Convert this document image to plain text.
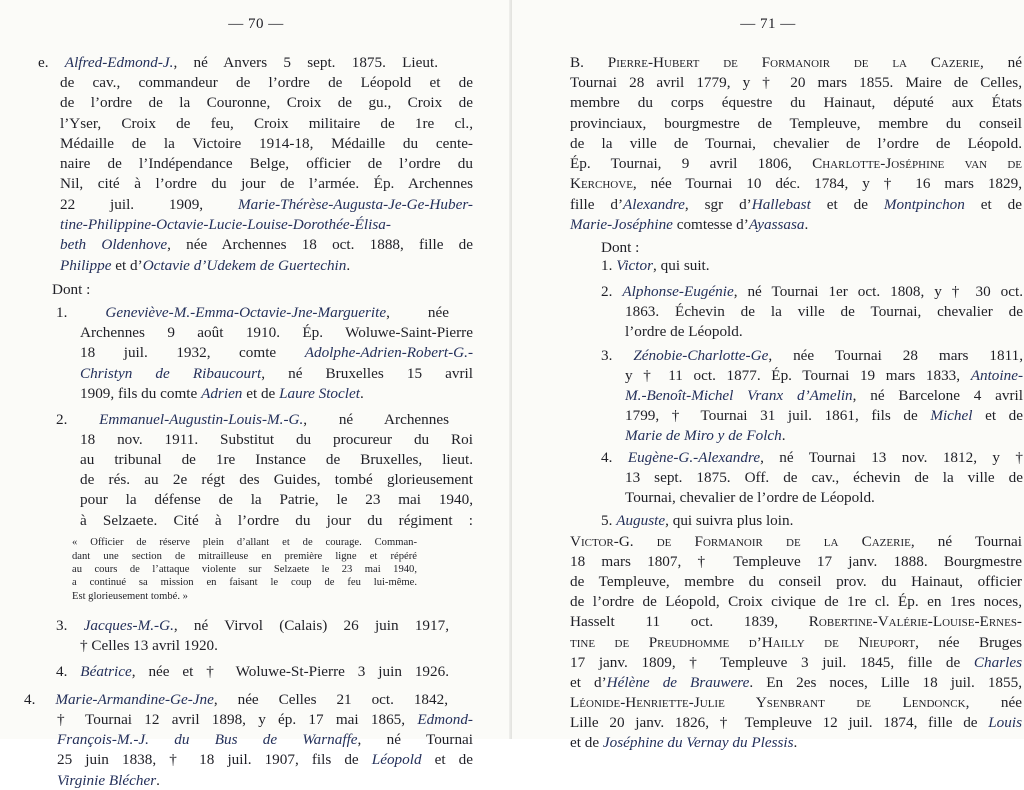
— 70 —
e. Alfred-Edmond-J., né Anvers 5 sept. 1875. Lieut.
de cav., commandeur de l’ordre de Léopold et de
de l’ordre de la Couronne, Croix de gu., Croix de
l’Yser, Croix de feu, Croix militaire de 1re cl.,
Médaille de la Victoire 1914-18, Médaille du cente-
naire de l’Indépendance Belge, officier de l’ordre du
Nil, cité à l’ordre du jour de l’armée. Ép. Archennes
22 juil. 1909, Marie-Thérèse-Augusta-Je-Ge-Huber-
tine-Philippine-Octavie-Lucie-Louise-Dorothée-Élisa-
beth Oldenhove, née Archennes 18 oct. 1888, fille de
Philippe et d’Octavie d’Udekem de Guertechin.
Dont :
1. Geneviève-M.-Emma-Octavie-Jne-Marguerite, née
Archennes 9 août 1910. Ép. Woluwe-Saint-Pierre
18 juil. 1932, comte Adolphe-Adrien-Robert-G.-
Christyn de Ribaucourt, né Bruxelles 15 avril
1909, fils du comte Adrien et de Laure Stoclet.
2. Emmanuel-Augustin-Louis-M.-G., né Archennes
18 nov. 1911. Substitut du procureur du Roi
au tribunal de 1re Instance de Bruxelles, lieut.
de rés. au 2e régt des Guides, tombé glorieusement
pour la défense de la Patrie, le 23 mai 1940,
à Selzaete. Cité à l’ordre du jour du régiment :
« Officier de réserve plein d’allant et de courage. Comman-
dant une section de mitrailleuse en première ligne et répéré
au cours de l’attaque violente sur Selzaete le 23 mai 1940,
a continué sa mission en faisant le coup de feu lui-même.
Est glorieusement tombé. »
3. Jacques-M.-G., né Virvol (Calais) 26 juin 1917,
† Celles 13 avril 1920.
4. Béatrice, née et † Woluwe-St-Pierre 3 juin 1926.
4. Marie-Armandine-Ge-Jne, née Celles 21 oct. 1842,
† Tournai 12 avril 1898, y ép. 17 mai 1865, Edmond-
François-M.-J. du Bus de Warnaffe, né Tournai
25 juin 1838, † 18 juil. 1907, fils de Léopold et de
Virginie Blécher.
— 71 —
B. Pierre-Hubert de Formanoir de la Cazerie, né
Tournai 28 avril 1779, y † 20 mars 1855. Maire de Celles,
membre du corps équestre du Hainaut, député aux États
provinciaux, bourgmestre de Templeuve, membre du conseil
de la ville de Tournai, chevalier de l’ordre de Léopold.
Ép. Tournai, 9 avril 1806, Charlotte-Joséphine van de
Kerchove, née Tournai 10 déc. 1784, y † 16 mars 1829,
fille d’Alexandre, sgr d’Hallebast et de Montpinchon et de
Marie-Joséphine comtesse d’Ayassasa.
Dont :
1. Victor, qui suit.
2. Alphonse-Eugénie, né Tournai 1er oct. 1808, y † 30 oct.
1863. Échevin de la ville de Tournai, chevalier de
l’ordre de Léopold.
3. Zénobie-Charlotte-Ge, née Tournai 28 mars 1811,
y † 11 oct. 1877. Ép. Tournai 19 mars 1833, Antoine-
M.-Benoît-Michel Vranx d’Amelin, né Barcelone 4 avril
1799, † Tournai 31 juil. 1861, fils de Michel et de
Marie de Miro y de Folch.
4. Eugène-G.-Alexandre, né Tournai 13 nov. 1812, y †
13 sept. 1875. Off. de cav., échevin de la ville de
Tournai, chevalier de l’ordre de Léopold.
5. Auguste, qui suivra plus loin.
Victor-G. de Formanoir de la Cazerie, né Tournai
18 mars 1807, † Templeuve 17 janv. 1888. Bourgmestre
de Templeuve, membre du conseil prov. du Hainaut, officier
de l’ordre de Léopold, Croix civique de 1re cl. Ép. en 1res noces,
Hasselt 11 oct. 1839, Robertine-Valérie-Louise-Ernes-
tine de Preudhomme d’Hailly de Nieuport, née Bruges
17 janv. 1809, † Templeuve 3 juil. 1845, fille de Charles
et d’Hélène de Brauwere. En 2es noces, Lille 18 juil. 1855,
Léonide-Henriette-Julie Ysenbrant de Lendonck, née
Lille 20 janv. 1826, † Templeuve 12 juil. 1874, fille de Louis
et de Joséphine du Vernay du Plessis.
